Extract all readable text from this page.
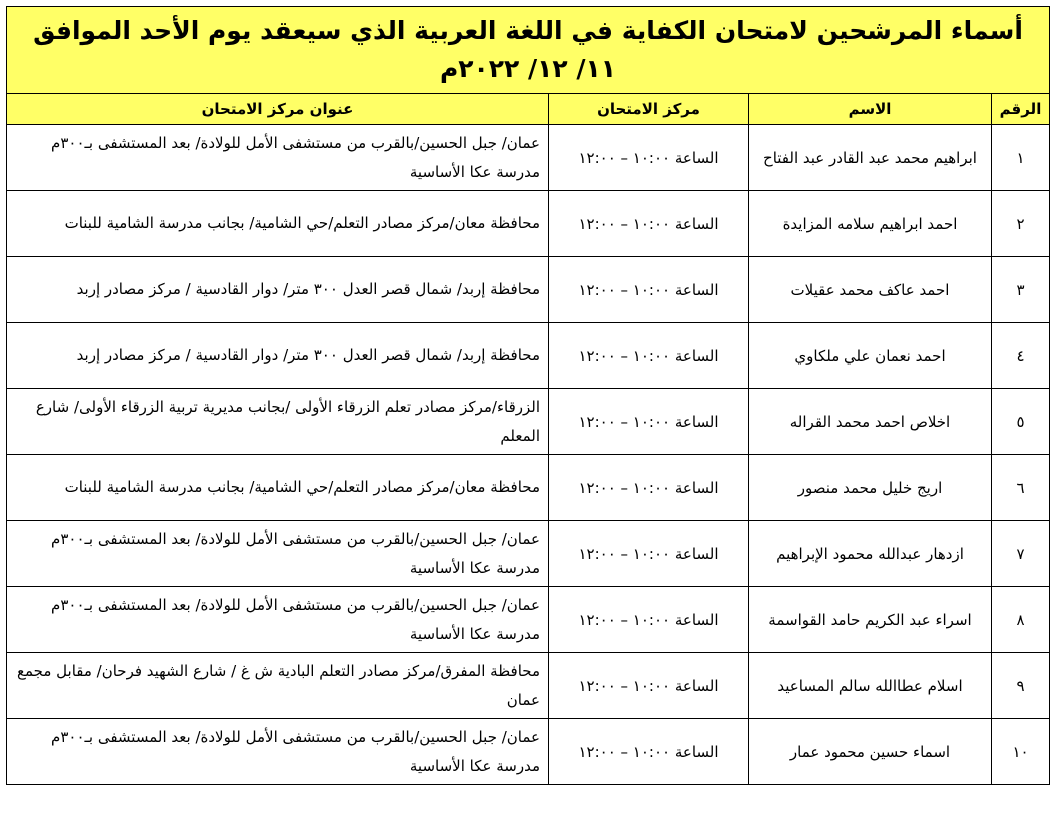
أسماء المرشحين لامتحان الكفاية في اللغة العربية الذي سيعقد يوم الأحد الموافق
١١/ ١٢/ ٢٠٢٢م			

الرقم	الاسم	مركز الامتحان	عنوان مركز الامتحان
١	ابراهيم محمد عبد القادر عبد الفتاح	الساعة ١٠:٠٠ – ١٢:٠٠	عمان/ جبل الحسين/بالقرب من مستشفى الأمل للولادة/ بعد المستشفى بـ٣٠٠م مدرسة عكا الأساسية
٢	احمد ابراهيم سلامه المزايدة	الساعة ١٠:٠٠ – ١٢:٠٠	محافظة معان/مركز مصادر التعلم/حي الشامية/ بجانب مدرسة الشامية للبنات
٣	احمد عاكف محمد عقيلات	الساعة ١٠:٠٠ – ١٢:٠٠	محافظة إربد/ شمال قصر العدل ٣٠٠ متر/ دوار القادسية / مركز مصادر إربد
٤	احمد نعمان علي ملكاوي	الساعة ١٠:٠٠ – ١٢:٠٠	محافظة إربد/ شمال قصر العدل ٣٠٠ متر/ دوار القادسية / مركز مصادر إربد
٥	اخلاص احمد محمد القراله	الساعة ١٠:٠٠ – ١٢:٠٠	الزرقاء/مركز مصادر تعلم الزرقاء الأولى /بجانب مديرية تربية الزرقاء الأولى/ شارع المعلم
٦	اريج خليل محمد منصور	الساعة ١٠:٠٠ – ١٢:٠٠	محافظة معان/مركز مصادر التعلم/حي الشامية/ بجانب مدرسة الشامية للبنات
٧	ازدهار عبدالله محمود الإبراهيم	الساعة ١٠:٠٠ – ١٢:٠٠	عمان/ جبل الحسين/بالقرب من مستشفى الأمل للولادة/ بعد المستشفى بـ٣٠٠م مدرسة عكا الأساسية
٨	اسراء عبد الكريم حامد القواسمة	الساعة ١٠:٠٠ – ١٢:٠٠	عمان/ جبل الحسين/بالقرب من مستشفى الأمل للولادة/ بعد المستشفى بـ٣٠٠م مدرسة عكا الأساسية
٩	اسلام عطاالله سالم المساعيد	الساعة ١٠:٠٠ – ١٢:٠٠	محافظة المفرق/مركز مصادر التعلم البادية ش غ / شارع الشهيد فرحان/ مقابل مجمع عمان
١٠	اسماء حسين محمود عمار	الساعة ١٠:٠٠ – ١٢:٠٠	عمان/ جبل الحسين/بالقرب من مستشفى الأمل للولادة/ بعد المستشفى بـ٣٠٠م مدرسة عكا الأساسية
